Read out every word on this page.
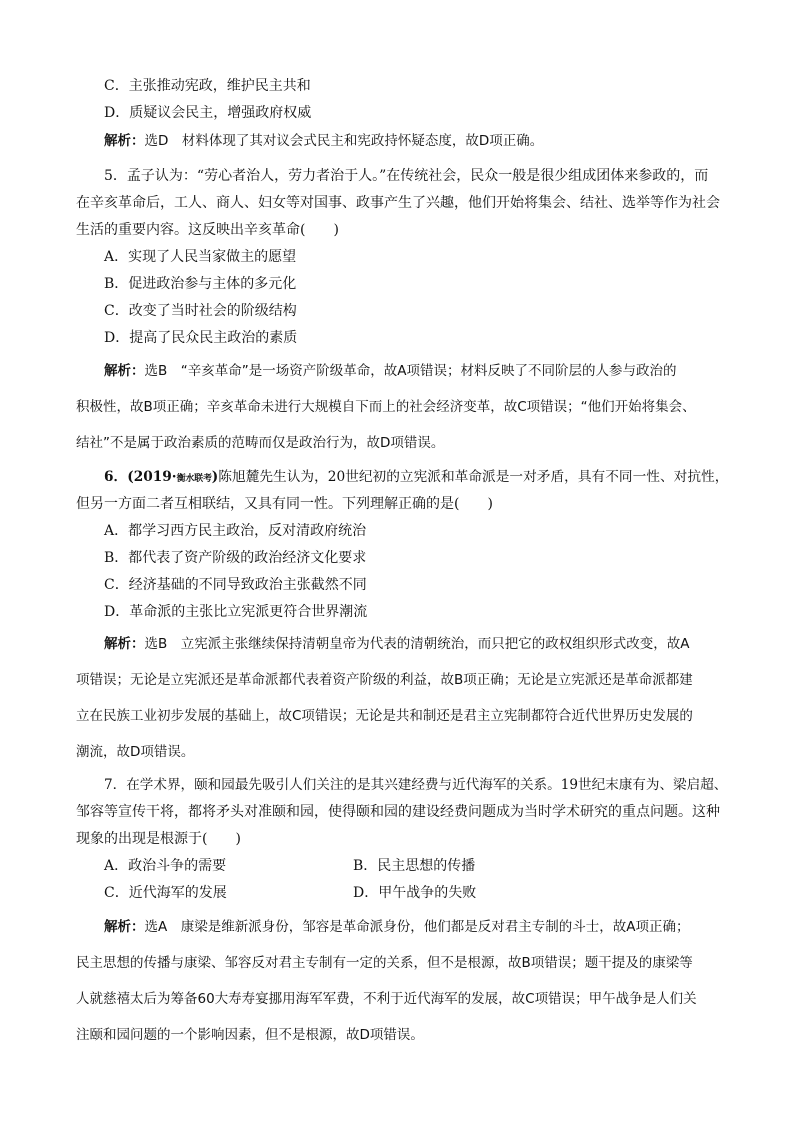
C．主张推动宪政，维护民主共和
D．质疑议会民主，增强政府权威
解析：选D　材料体现了其对议会式民主和宪政持怀疑态度，故D项正确。
5．孟子认为：“劳心者治人，劳力者治于人。”在传统社会，民众一般是很少组成团体来参政的，而
在辛亥革命后，工人、商人、妇女等对国事、政事产生了兴趣，他们开始将集会、结社、选举等作为社会
生活的重要内容。这反映出辛亥革命(　　)
A．实现了人民当家做主的愿望
B．促进政治参与主体的多元化
C．改变了当时社会的阶级结构
D．提高了民众民主政治的素质
解析：选B　“辛亥革命”是一场资产阶级革命，故A项错误；材料反映了不同阶层的人参与政治的
积极性，故B项正确；辛亥革命未进行大规模自下而上的社会经济变革，故C项错误；“他们开始将集会、
结社”不是属于政治素质的范畴而仅是政治行为，故D项错误。
6．(2019·衡水联考)陈旭麓先生认为，20世纪初的立宪派和革命派是一对矛盾，具有不同一性、对抗性，
但另一方面二者互相联结，又具有同一性。下列理解正确的是(　　)
A．都学习西方民主政治，反对清政府统治
B．都代表了资产阶级的政治经济文化要求
C．经济基础的不同导致政治主张截然不同
D．革命派的主张比立宪派更符合世界潮流
解析：选B　立宪派主张继续保持清朝皇帝为代表的清朝统治，而只把它的政权组织形式改变，故A
项错误；无论是立宪派还是革命派都代表着资产阶级的利益，故B项正确；无论是立宪派还是革命派都建
立在民族工业初步发展的基础上，故C项错误；无论是共和制还是君主立宪制都符合近代世界历史发展的
潮流，故D项错误。
7．在学术界，颐和园最先吸引人们关注的是其兴建经费与近代海军的关系。19世纪末康有为、梁启超、
邹容等宣传干将，都将矛头对准颐和园，使得颐和园的建设经费问题成为当时学术研究的重点问题。这种
现象的出现是根源于(　　)
A．政治斗争的需要	B．民主思想的传播
C．近代海军的发展	D．甲午战争的失败
解析：选A　康梁是维新派身份，邹容是革命派身份，他们都是反对君主专制的斗士，故A项正确；
民主思想的传播与康梁、邹容反对君主专制有一定的关系，但不是根源，故B项错误；题干提及的康梁等
人就慈禧太后为筹备60大寿寿宴挪用海军军费，不利于近代海军的发展，故C项错误；甲午战争是人们关
注颐和园问题的一个影响因素，但不是根源，故D项错误。
